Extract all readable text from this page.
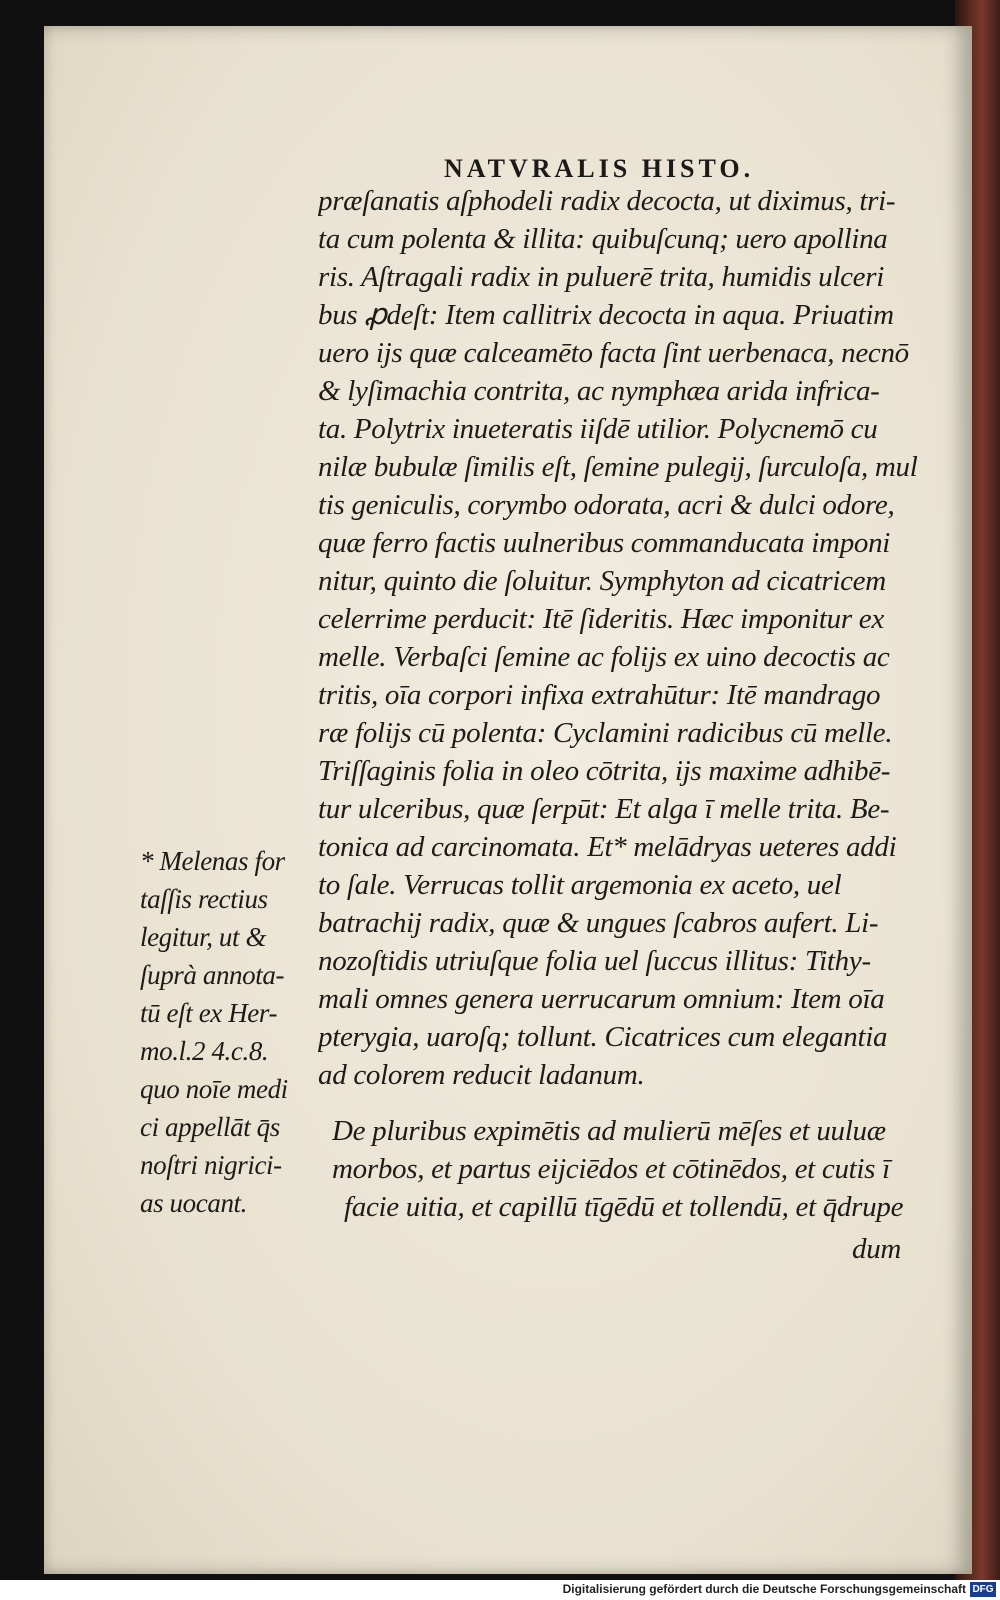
NATVRALIS HISTO.
præſanatis aſphodeli radix decocta, ut diximus, tri-
ta cum polenta & illita: quibuſcunq; uero apollina
ris. Aſtragali radix in puluerē trita, humidis ulceri
bus ꝓdeſt: Item callitrix decocta in aqua. Priuatim
uero ijs quæ calceamēto facta ſint uerbenaca, necnō
& lyſimachia contrita, ac nymphæa arida infrica-
ta. Polytrix inueteratis iiſdē utilior. Polycnemō cu
nilæ bubulæ ſimilis eſt, ſemine pulegij, ſurculoſa, mul
tis geniculis, corymbo odorata, acri & dulci odore,
quæ ferro factis uulneribus commanducata imponi
nitur, quinto die ſoluitur. Symphyton ad cicatricem
celerrime perducit: Itē ſideritis. Hæc imponitur ex
melle. Verbaſci ſemine ac folijs ex uino decoctis ac
tritis, oīa corpori infixa extrahūtur: Itē mandrago
ræ folijs cū polenta: Cyclamini radicibus cū melle.
Triſſaginis folia in oleo cōtrita, ijs maxime adhibē-
tur ulceribus, quæ ſerpūt: Et alga ī melle trita. Be-
tonica ad carcinomata. Et* melādryas ueteres addi
to ſale. Verrucas tollit argemonia ex aceto, uel
batrachij radix, quæ & ungues ſcabros aufert. Li-
nozoſtidis utriuſque folia uel ſuccus illitus: Tithy-
mali omnes genera uerrucarum omnium: Item oīa
pterygia, uaroſq; tollunt. Cicatrices cum elegantia
ad colorem reducit ladanum.
De pluribus expimētis ad mulierū mēſes et uuluæ
morbos, et partus eijciēdos et cōtinēdos, et cutis ī
facie uitia, et capillū tīgēdū et tollendū, et q̄drupe
dum
* Melenas for
taſſis rectius
legitur, ut &
ſuprà annota-
tū eſt ex Her-
mo.l.2 4.c.8.
quo noīe medi
ci appellāt q̄s
noſtri nigrici-
as uocant.
Digitalisierung gefördert durch die Deutsche Forschungsgemeinschaft DFG
